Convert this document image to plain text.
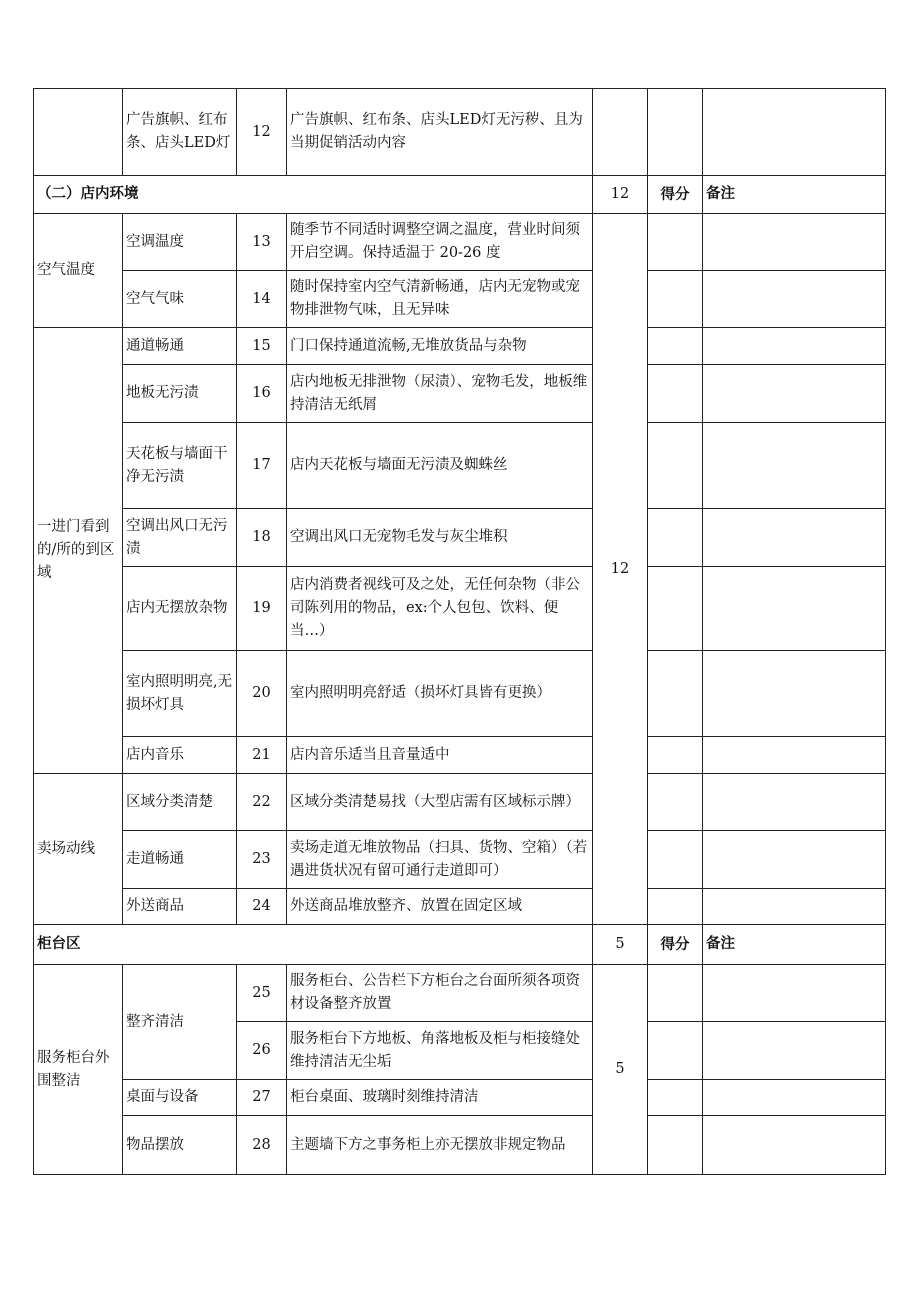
	广告旗帜、红布条、店头LED灯	12	广告旗帜、红布条、店头LED灯无污秽、且为当期促销活动内容			
（二）店内环境				12	得分	备注
空气温度	空调温度	13	随季节不同适时调整空调之温度，营业时间须开启空调。保持适温于 20-26 度	12		
	空气气味	14	随时保持室内空气清新畅通，店内无宠物或宠物排泄物气味，且无异味			
一进门看到的/所的到区域	通道畅通	15	门口保持通道流畅,无堆放货品与杂物			
	地板无污渍	16	店内地板无排泄物（尿渍）、宠物毛发，地板维持清洁无纸屑			
	天花板与墙面干净无污渍	17	店内天花板与墙面无污渍及蜘蛛丝			
	空调出风口无污渍	18	空调出风口无宠物毛发与灰尘堆积			
	店内无摆放杂物	19	店内消费者视线可及之处，无任何杂物（非公司陈列用的物品，ex:个人包包、饮料、便当…）			
	室内照明明亮,无损坏灯具	20	室内照明明亮舒适（损坏灯具皆有更换）			
	店内音乐	21	店内音乐适当且音量适中			
卖场动线	区域分类清楚	22	区域分类清楚易找（大型店需有区域标示牌）			
	走道畅通	23	卖场走道无堆放物品（扫具、货物、空箱）（若遇进货状况有留可通行走道即可）			
	外送商品	24	外送商品堆放整齐、放置在固定区域			
柜台区				5	得分	备注
服务柜台外围整洁	整齐清洁	25	服务柜台、公告栏下方柜台之台面所须各项资材设备整齐放置	5		
		26	服务柜台下方地板、角落地板及柜与柜接缝处维持清洁无尘垢			
	桌面与设备	27	柜台桌面、玻璃时刻维持清洁			
	物品摆放	28	主题墙下方之事务柜上亦无摆放非规定物品			
